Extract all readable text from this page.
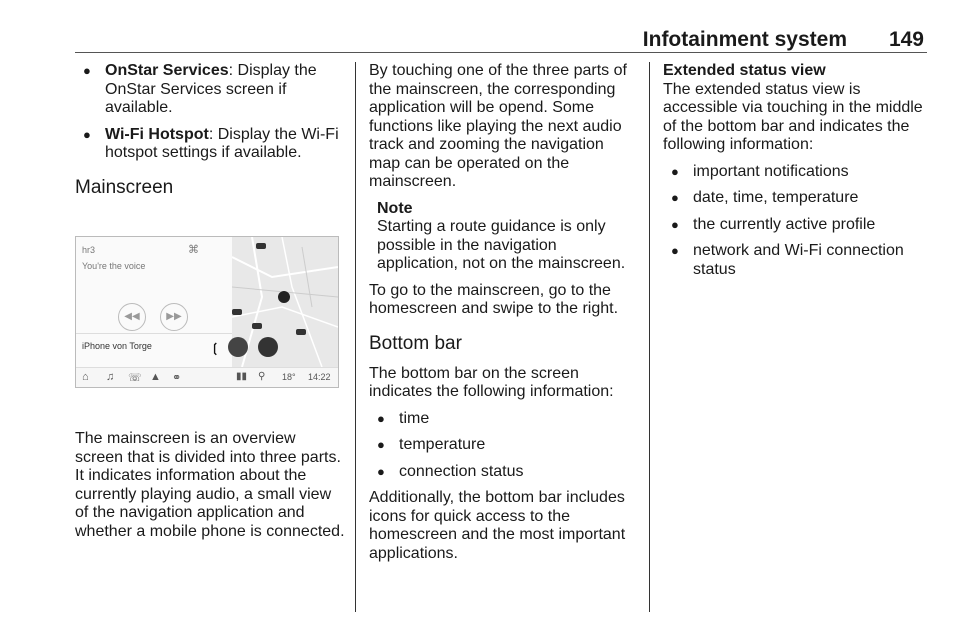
Infotainment system 149
● OnStar Services: Display the OnStar Services screen if available.
● Wi-Fi Hotspot: Display the Wi-Fi hotspot settings if available.
Mainscreen
hr3
You're the voice
⌘
◀◀	▶▶
iPhone von Torge	❲
⌂ ♫ ☏ ▲ ⚭	▮▮ ⚲ 18° 14:22

The mainscreen is an overview screen that is divided into three parts. It indicates information about the currently playing audio, a small view of the navigation application and whether a mobile phone is connected.

By touching one of the three parts of the mainscreen, the corresponding application will be opend. Some functions like playing the next audio track and zooming the navigation map can be operated on the mainscreen.

Note
Starting a route guidance is only possible in the navigation application, not on the mainscreen.

To go to the mainscreen, go to the homescreen and swipe to the right.

Bottom bar

The bottom bar on the screen indicates the following information:

● time
● temperature
● connection status

Additionally, the bottom bar includes icons for quick access to the homescreen and the most important applications.

Extended status view

The extended status view is accessible via touching in the middle of the bottom bar and indicates the following information:

● important notifications
● date, time, temperature
● the currently active profile
● network and Wi-Fi connection status
